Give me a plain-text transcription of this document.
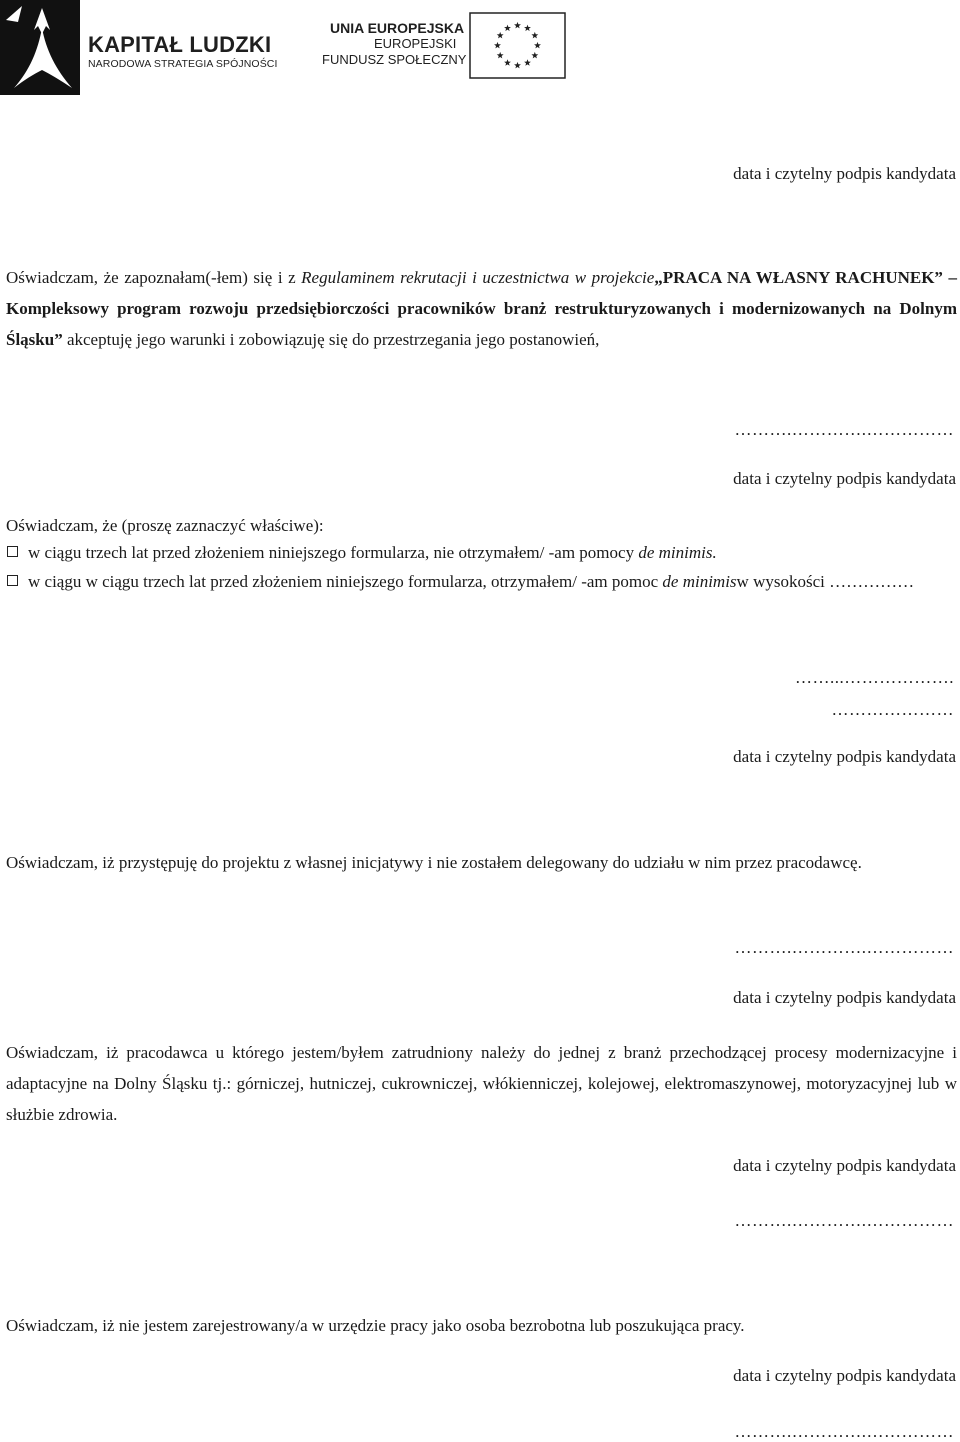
KAPITAŁ LUDZKI
NARODOWA STRATEGIA SPÓJNOŚCI
UNIA EUROPEJSKA
EUROPEJSKI
FUNDUSZ SPOŁECZNY
data i czytelny podpis kandydata
Oświadczam, że zapoznałam(-łem) się i z Regulaminem rekrutacji i uczestnictwa w projekcie„PRACA NA WŁASNY RACHUNEK” – Kompleksowy program rozwoju przedsiębiorczości pracowników branż restrukturyzowanych i modernizowanych na Dolnym Śląsku” akceptuję jego warunki i zobowiązuję się do przestrzegania jego postanowień,
……….………….……………
data i czytelny podpis kandydata
Oświadczam, że (proszę zaznaczyć właściwe):
w ciągu trzech lat przed złożeniem niniejszego formularza, nie otrzymałem/ -am pomocy de minimis.
w ciągu w ciągu trzech lat przed złożeniem niniejszego formularza, otrzymałem/ -am pomoc de minimisw wysokości ……………
……...……………….
…………………
data i czytelny podpis kandydata
Oświadczam, iż przystępuję do projektu z własnej inicjatywy i nie zostałem delegowany do udziału w nim przez pracodawcę.
……….………….……………
data i czytelny podpis kandydata
Oświadczam, iż pracodawca u którego jestem/byłem zatrudniony należy do jednej z branż przechodzącej procesy modernizacyjne i adaptacyjne na Dolny Śląsku tj.: górniczej, hutniczej, cukrowniczej, włókienniczej, kolejowej, elektromaszynowej, motoryzacyjnej lub w służbie zdrowia.
data i czytelny podpis kandydata
……….………….……………
Oświadczam, iż nie jestem zarejestrowany/a w urzędzie pracy jako osoba bezrobotna lub poszukująca pracy.
data i czytelny podpis kandydata
……….………….……………
